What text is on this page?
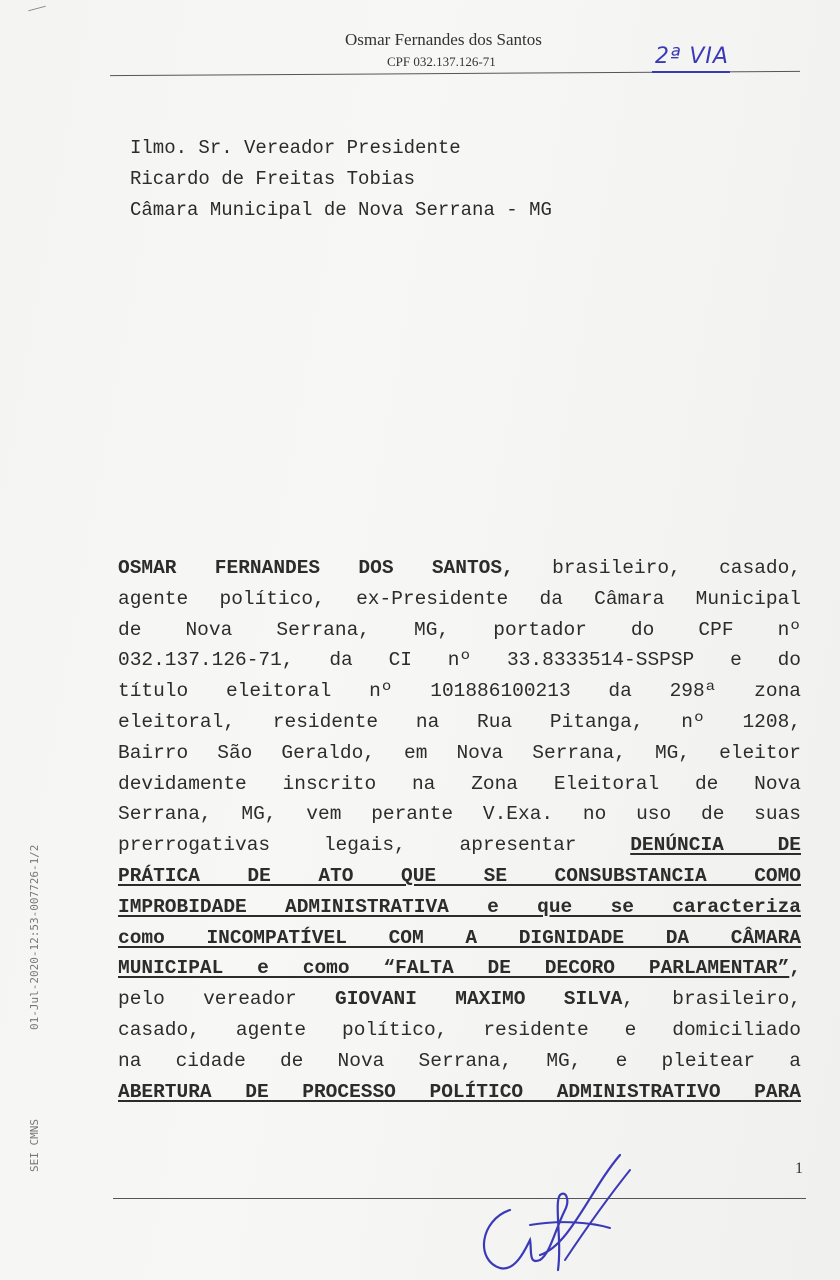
Osmar Fernandes dos Santos
CPF 032.137.126-71	2ª VIA
Ilmo. Sr. Vereador Presidente
Ricardo de Freitas Tobias
Câmara Municipal de Nova Serrana - MG
OSMAR FERNANDES DOS SANTOS, brasileiro, casado,
agente político, ex-Presidente da Câmara Municipal
de Nova Serrana, MG, portador do CPF nº
032.137.126-71, da CI nº 33.8333514-SSPSP e do
título eleitoral nº 101886100213 da 298ª zona
eleitoral, residente na Rua Pitanga, nº 1208,
Bairro São Geraldo, em Nova Serrana, MG, eleitor
devidamente inscrito na Zona Eleitoral de Nova
Serrana, MG, vem perante V.Exa. no uso de suas
prerrogativas legais, apresentar DENÚNCIA DE
PRÁTICA DE ATO QUE SE CONSUBSTANCIA COMO
IMPROBIDADE ADMINISTRATIVA e que se caracteriza
como INCOMPATÍVEL COM A DIGNIDADE DA CÂMARA
MUNICIPAL e como “FALTA DE DECORO PARLAMENTAR”,
pelo vereador GIOVANI MAXIMO SILVA, brasileiro,
casado, agente político, residente e domiciliado
na cidade de Nova Serrana, MG, e pleitear a
ABERTURA DE PROCESSO POLÍTICO ADMINISTRATIVO PARA
1
01-Jul-2020-12:53-007726-1/2
SEI CMNS
